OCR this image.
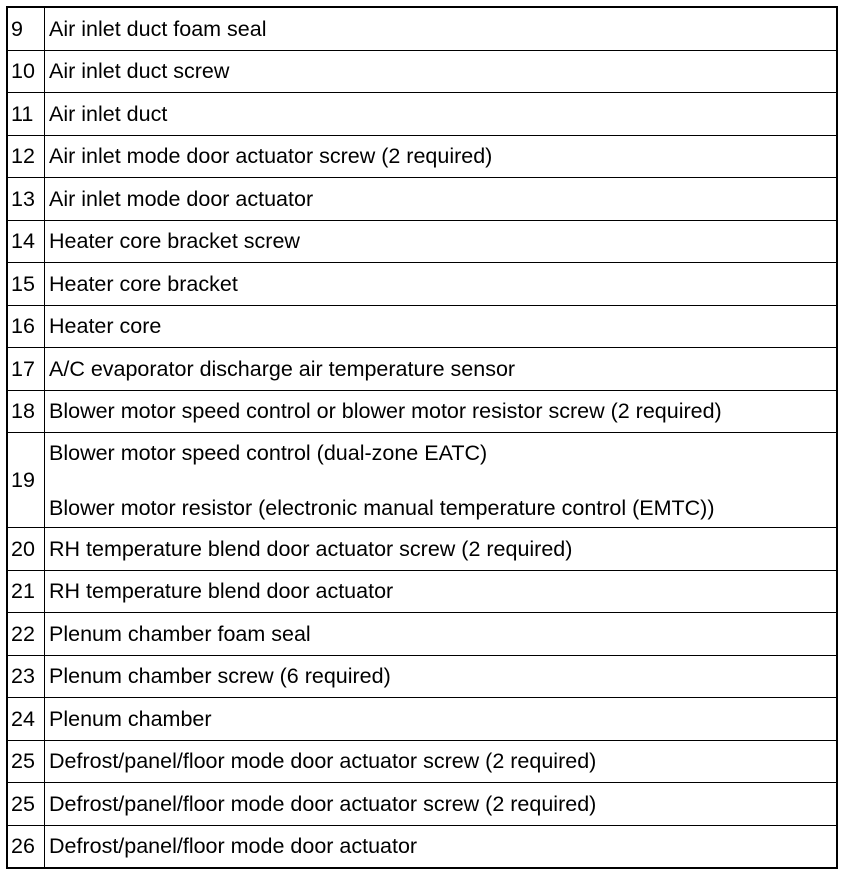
9	Air inlet duct foam seal
10	Air inlet duct screw
11	Air inlet duct
12	Air inlet mode door actuator screw (2 required)
13	Air inlet mode door actuator
14	Heater core bracket screw
15	Heater core bracket
16	Heater core
17	A/C evaporator discharge air temperature sensor
18	Blower motor speed control or blower motor resistor screw (2 required)
19	Blower motor speed control (dual-zone EATC)
Blower motor resistor (electronic manual temperature control (EMTC))

20	RH temperature blend door actuator screw (2 required)
21	RH temperature blend door actuator
22	Plenum chamber foam seal
23	Plenum chamber screw (6 required)
24	Plenum chamber
25	Defrost/panel/floor mode door actuator screw (2 required)
25	Defrost/panel/floor mode door actuator screw (2 required)
26	Defrost/panel/floor mode door actuator
